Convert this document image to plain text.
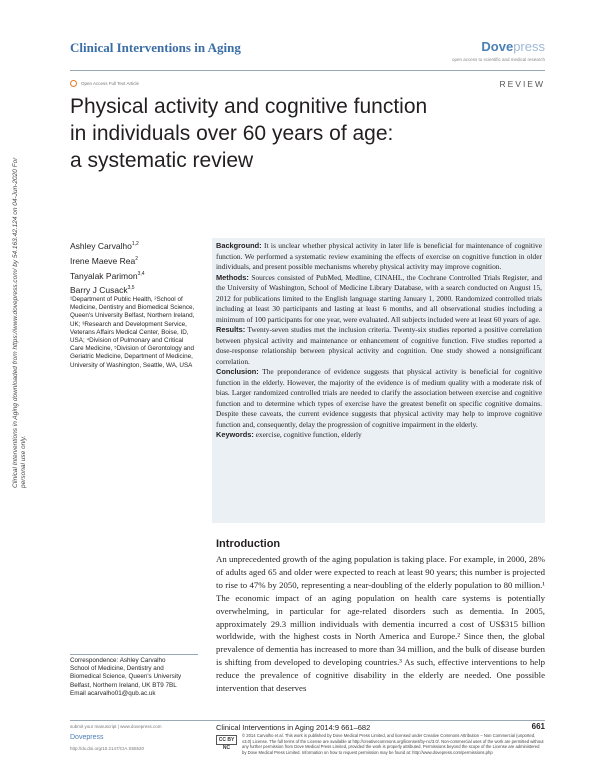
Clinical Interventions in Aging	Dovepress
open access to scientific and medical research
Open Access Full Text Article	REVIEW
Physical activity and cognitive function
in individuals over 60 years of age:
a systematic review
Clinical Interventions in Aging downloaded from https://www.dovepress.com/ by 54.163.42.124 on 04-Jun-2020 For personal use only.
Ashley Carvalho$^{1,2}$
Irene Maeve Rea$^2$
Tanyalak Parimon$^{3,4}$
Barry J Cusack$^{3,5}$
¹Department of Public Health, ²School of Medicine, Dentistry and Biomedical Science, Queen's University Belfast, Northern Ireland, UK; ³Research and Development Service, Veterans Affairs Medical Center, Boise, ID, USA; ⁴Division of Pulmonary and Critical Care Medicine, ⁵Division of Gerontology and Geriatric Medicine, Department of Medicine, University of Washington, Seattle, WA, USA

Background: It is unclear whether physical activity in later life is beneficial for maintenance of cognitive function. We performed a systematic review examining the effects of exercise on cognitive function in older individuals, and present possible mechanisms whereby physical activity may improve cognition.

Methods: Sources consisted of PubMed, Medline, CINAHL, the Cochrane Controlled Trials Register, and the University of Washington, School of Medicine Library Database, with a search conducted on August 15, 2012 for publications limited to the English language starting January 1, 2000. Randomized controlled trials including at least 30 participants and lasting at least 6 months, and all observational studies including a minimum of 100 participants for one year, were evaluated. All subjects included were at least 60 years of age.

Results: Twenty-seven studies met the inclusion criteria. Twenty-six studies reported a positive correlation between physical activity and maintenance or enhancement of cognitive function. Five studies reported a dose-response relationship between physical activity and cognition. One study showed a nonsignificant correlation.

Conclusion: The preponderance of evidence suggests that physical activity is beneficial for cognitive function in the elderly. However, the majority of the evidence is of medium quality with a moderate risk of bias. Larger randomized controlled trials are needed to clarify the association between exercise and cognitive function and to determine which types of exercise have the greatest benefit on specific cognitive domains. Despite these caveats, the current evidence suggests that physical activity may help to improve cognitive function and, consequently, delay the progression of cognitive impairment in the elderly.

Keywords: exercise, cognitive function, elderly

Introduction

An unprecedented growth of the aging population is taking place. For example, in 2000, 28% of adults aged 65 and older were expected to reach at least 90 years; this number is projected to rise to 47% by 2050, representing a near-doubling of the elderly population to 80 million.¹ The economic impact of an aging population on health care systems is potentially overwhelming, in particular for age-related disorders such as dementia. In 2005, approximately 29.3 million individuals with dementia incurred a cost of US$315 billion worldwide, with the highest costs in North America and Europe.² Since then, the global prevalence of dementia has increased to more than 34 million, and the bulk of disease burden is shifting from developed to developing countries.³ As such, effective interventions to help reduce the prevalence of cognitive disability in the elderly are needed. One possible intervention that deserves

Correspondence: Ashley Carvalho
School of Medicine, Dentistry and
Biomedical Science, Queen's University
Belfast, Northern Ireland, UK BT9 7BL
Email acarvalho01@qub.ac.uk
submit your manuscript | www.dovepress.com
Dovepress
http://dx.doi.org/10.2147/CIA.S55520
Clinical Interventions in Aging 2014:9 661–682	661
CC BY NC
© 2014 Carvalho et al. This work is published by Dove Medical Press Limited, and licensed under Creative Commons Attribution – Non Commercial (unported, v3.0) License. The full terms of the License are available at http://creativecommons.org/licenses/by-nc/3.0/. Non-commercial uses of the work are permitted without any further permission from Dove Medical Press Limited, provided the work is properly attributed. Permissions beyond the scope of the License are administered by Dove Medical Press Limited. Information on how to request permission may be found at: http://www.dovepress.com/permissions.php
